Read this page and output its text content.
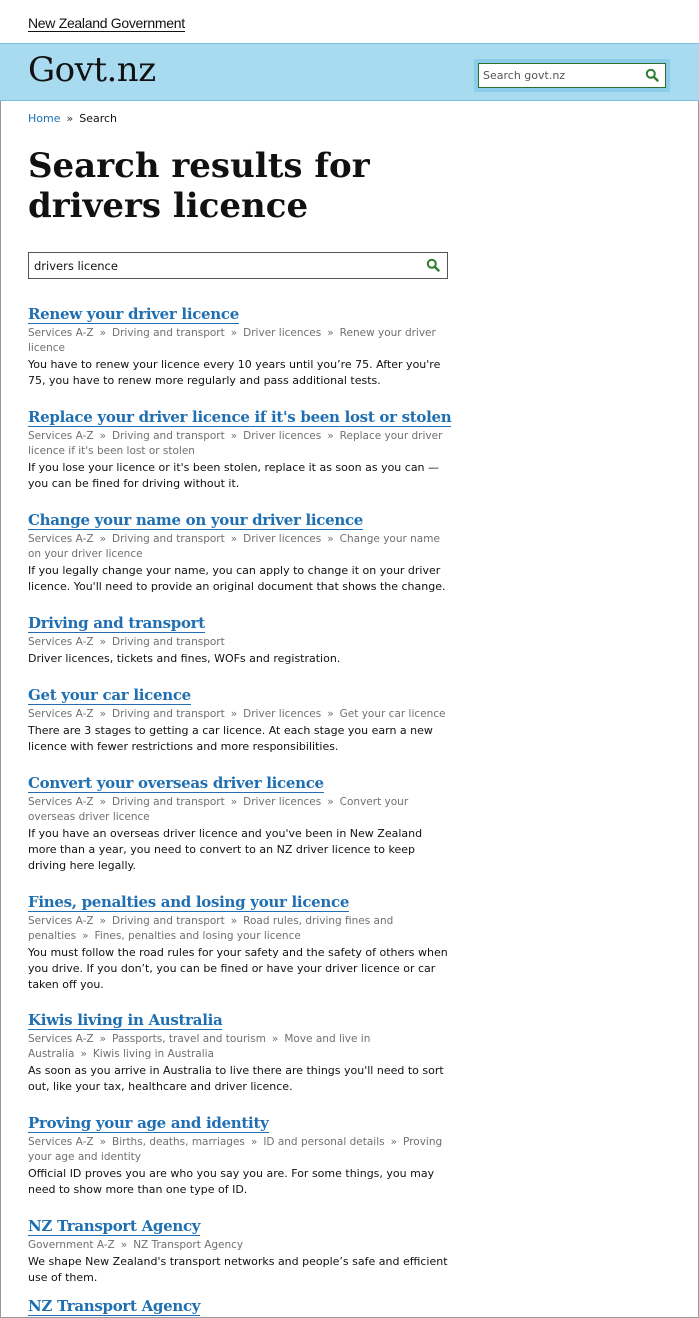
New Zealand Government
Govt.nz
Search govt.nz
Home » Search
Search results for drivers licence
drivers licence
Renew your driver licence
Services A-Z » Driving and transport » Driver licences » Renew your driver licence
You have to renew your licence every 10 years until you’re 75. After you're 75, you have to renew more regularly and pass additional tests.
Replace your driver licence if it's been lost or stolen
Services A-Z » Driving and transport » Driver licences » Replace your driver licence if it's been lost or stolen
If you lose your licence or it's been stolen, replace it as soon as you can — you can be fined for driving without it.
Change your name on your driver licence
Services A-Z » Driving and transport » Driver licences » Change your name on your driver licence
If you legally change your name, you can apply to change it on your driver licence. You'll need to provide an original document that shows the change.
Driving and transport
Services A-Z » Driving and transport
Driver licences, tickets and fines, WOFs and registration.
Get your car licence
Services A-Z » Driving and transport » Driver licences » Get your car licence
There are 3 stages to getting a car licence. At each stage you earn a new licence with fewer restrictions and more responsibilities.
Convert your overseas driver licence
Services A-Z » Driving and transport » Driver licences » Convert your overseas driver licence
If you have an overseas driver licence and you've been in New Zealand more than a year, you need to convert to an NZ driver licence to keep driving here legally.
Fines, penalties and losing your licence
Services A-Z » Driving and transport » Road rules, driving fines and penalties » Fines, penalties and losing your licence
You must follow the road rules for your safety and the safety of others when you drive. If you don’t, you can be fined or have your driver licence or car taken off you.
Kiwis living in Australia
Services A-Z » Passports, travel and tourism » Move and live in Australia » Kiwis living in Australia
As soon as you arrive in Australia to live there are things you'll need to sort out, like your tax, healthcare and driver licence.
Proving your age and identity
Services A-Z » Births, deaths, marriages » ID and personal details » Proving your age and identity
Official ID proves you are who you say you are. For some things, you may need to show more than one type of ID.
NZ Transport Agency
Government A-Z » NZ Transport Agency
We shape New Zealand's transport networks and people’s safe and efficient use of them.
NZ Transport Agency
